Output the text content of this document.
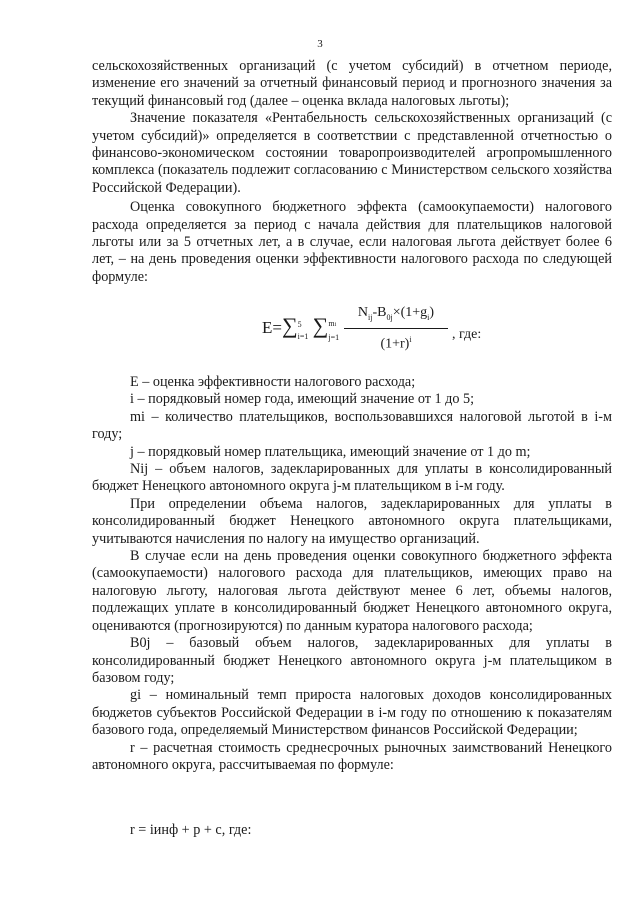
3

сельскохозяйственных организаций (с учетом субсидий) в отчетном периоде, изменение его значений за отчетный финансовый период и прогнозного значения за текущий финансовый год (далее – оценка вклада налоговых льготы);

Значение показателя «Рентабельность сельскохозяйственных организаций (с учетом субсидий)» определяется в соответствии с представленной отчетностью о финансово-экономическом состоянии товаропроизводителей агропромышленного комплекса (показатель подлежит согласованию с Министерством сельского хозяйства Российской Федерации).

Оценка совокупного бюджетного эффекта (самоокупаемости) налогового расхода определяется за период с начала действия для плательщиков налоговой льготы или за 5 отчетных лет, а в случае, если налоговая льгота действует более 6 лет, – на день проведения оценки эффективности налогового расхода по следующей формуле:

E=∑5
i=1 ∑mi
j=1
$N_{ij}-B_{0j}\times(1+g_i)$
$(1+r)^i$	, где:

E – оценка эффективности налогового расхода;

i – порядковый номер года, имеющий значение от 1 до 5;

mi – количество плательщиков, воспользовавшихся налоговой льготой в i-м году;

j – порядковый номер плательщика, имеющий значение от 1 до m;

Nij – объем налогов, задекларированных для уплаты в консолидированный бюджет Ненецкого автономного округа j-м плательщиком в i-м году.

При определении объема налогов, задекларированных для уплаты в консолидированный бюджет Ненецкого автономного округа плательщиками, учитываются начисления по налогу на имущество организаций.

В случае если на день проведения оценки совокупного бюджетного эффекта (самоокупаемости) налогового расхода для плательщиков, имеющих право на налоговую льготу, налоговая льгота действуют менее 6 лет, объемы налогов, подлежащих уплате в консолидированный бюджет Ненецкого автономного округа, оцениваются (прогнозируются) по данным куратора налогового расхода;

B0j – базовый объем налогов, задекларированных для уплаты в консолидированный бюджет Ненецкого автономного округа j-м плательщиком в базовом году;

gi – номинальный темп прироста налоговых доходов консолидированных бюджетов субъектов Российской Федерации в i-м году по отношению к показателям базового года, определяемый Министерством финансов Российской Федерации;

r – расчетная стоимость среднесрочных рыночных заимствований Ненецкого автономного округа, рассчитываемая по формуле:

r = iинф + p + c, где:
